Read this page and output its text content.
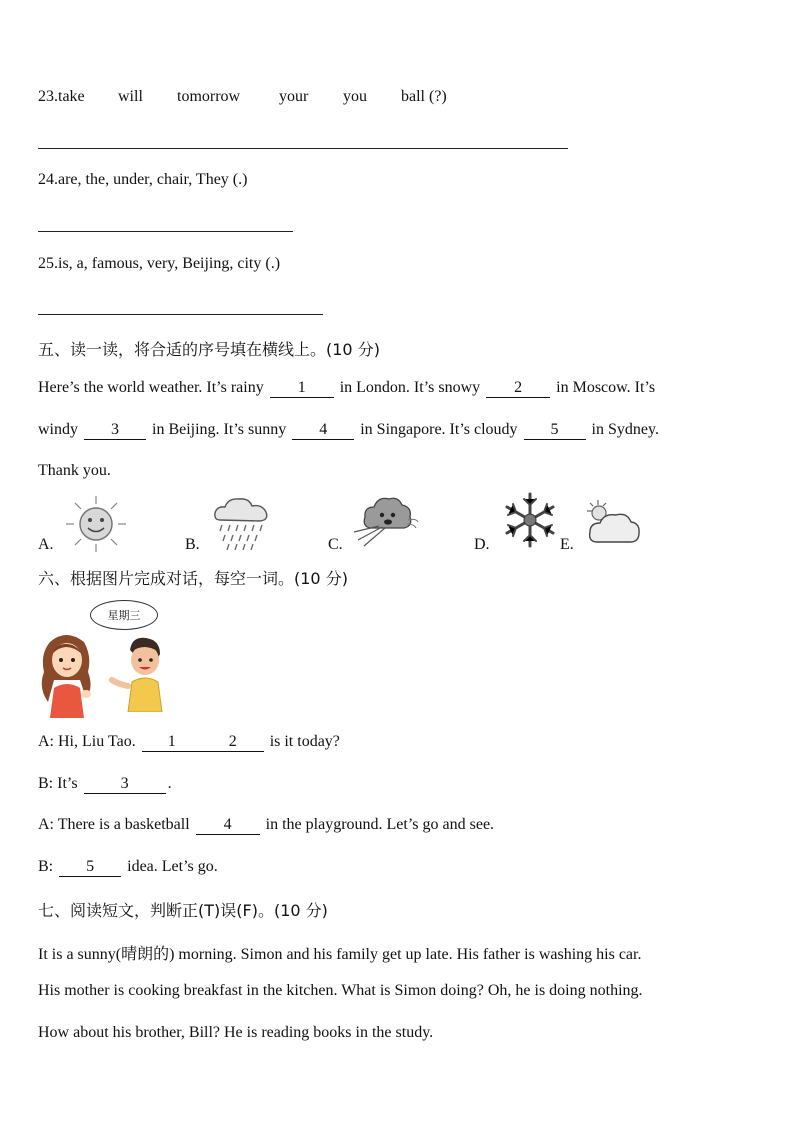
23.take will tomorrow your you ball (?)
24.are, the, under, chair, They (.)
25.is, a, famous, very, Beijing, city (.)
五、读一读，将合适的序号填在横线上。(10 分)
Here’s the world weather. It’s rainy 1 in London. It’s snowy 2 in Moscow. It’s
windy 3 in Beijing. It’s sunny 4 in Singapore. It’s cloudy 5 in Sydney.
Thank you.
A.	B.	C.	D.	E.
六、根据图片完成对话，每空一词。(10 分)
星期三
A: Hi, Liu Tao. 1	2 is it today?
B: It’s 3 .
A: There is a basketball 4 in the playground. Let’s go and see.
B: 5 idea. Let’s go.
七、阅读短文，判断正(T)误(F)。(10 分)
It is a sunny(晴朗的) morning. Simon and his family get up late. His father is washing his car.
His mother is cooking breakfast in the kitchen. What is Simon doing? Oh, he is doing nothing.
How about his brother, Bill? He is reading books in the study.
